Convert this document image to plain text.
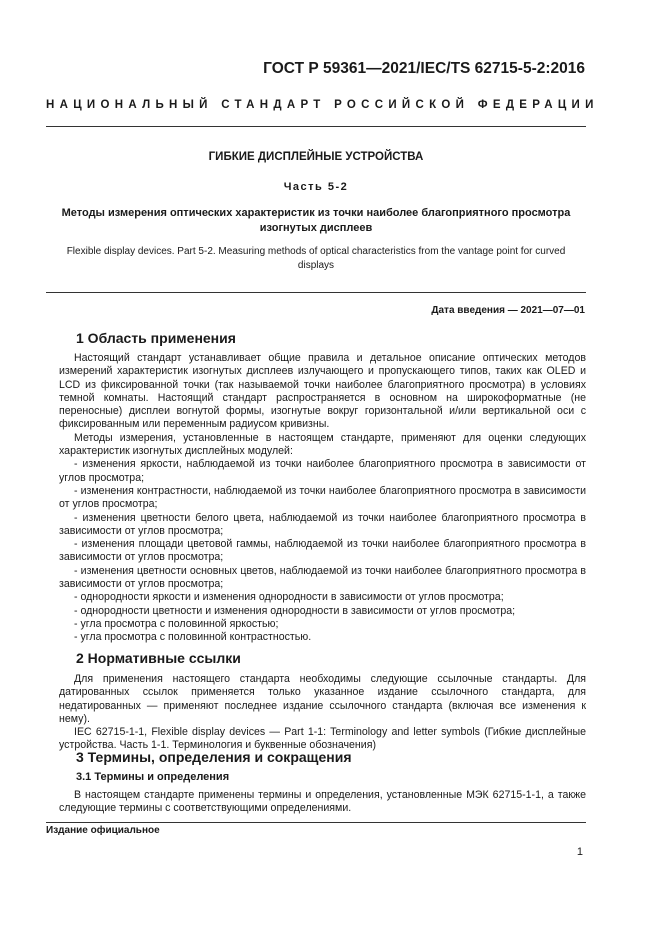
ГОСТ Р 59361—2021/IEC/TS 62715-5-2:2016
НАЦИОНАЛЬНЫЙ СТАНДАРТ РОССИЙСКОЙ ФЕДЕРАЦИИ
ГИБКИЕ ДИСПЛЕЙНЫЕ УСТРОЙСТВА
Часть 5-2
Методы измерения оптических характеристик из точки наиболее благоприятного просмотра изогнутых дисплеев
Flexible display devices. Part 5-2. Measuring methods of optical characteristics from the vantage point for curved displays
Дата введения — 2021—07—01
1 Область применения

Настоящий стандарт устанавливает общие правила и детальное описание оптических методов измерений характеристик изогнутых дисплеев излучающего и пропускающего типов, таких как OLED и LCD из фиксированной точки (так называемой точки наиболее благоприятного просмотра) в условиях темной комнаты. Настоящий стандарт распространяется в основном на широкоформатные (не переносные) дисплеи вогнутой формы, изогнутые вокруг горизонтальной и/или вертикальной оси с фиксированным или переменным радиусом кривизны.

Методы измерения, установленные в настоящем стандарте, применяют для оценки следующих характеристик изогнутых дисплейных модулей:

- изменения яркости, наблюдаемой из точки наиболее благоприятного просмотра в зависимости от углов просмотра;

- изменения контрастности, наблюдаемой из точки наиболее благоприятного просмотра в зависимости от углов просмотра;

- изменения цветности белого цвета, наблюдаемой из точки наиболее благоприятного просмотра в зависимости от углов просмотра;

- изменения площади цветовой гаммы, наблюдаемой из точки наиболее благоприятного просмотра в зависимости от углов просмотра;

- изменения цветности основных цветов, наблюдаемой из точки наиболее благоприятного просмотра в зависимости от углов просмотра;

- однородности яркости и изменения однородности в зависимости от углов просмотра;

- однородности цветности и изменения однородности в зависимости от углов просмотра;

- угла просмотра с половинной яркостью;

- угла просмотра с половинной контрастностью.

2 Нормативные ссылки

Для применения настоящего стандарта необходимы следующие ссылочные стандарты. Для датированных ссылок применяется только указанное издание ссылочного стандарта, для недатированных — применяют последнее издание ссылочного стандарта (включая все изменения к нему).

IEC 62715-1-1, Flexible display devices — Part 1-1: Terminology and letter symbols (Гибкие дисплейные устройства. Часть 1-1. Терминология и буквенные обозначения)

3 Термины, определения и сокращения
3.1 Термины и определения

В настоящем стандарте применены термины и определения, установленные МЭК 62715-1-1, а также следующие термины с соответствующими определениями.

Издание официальное
1
